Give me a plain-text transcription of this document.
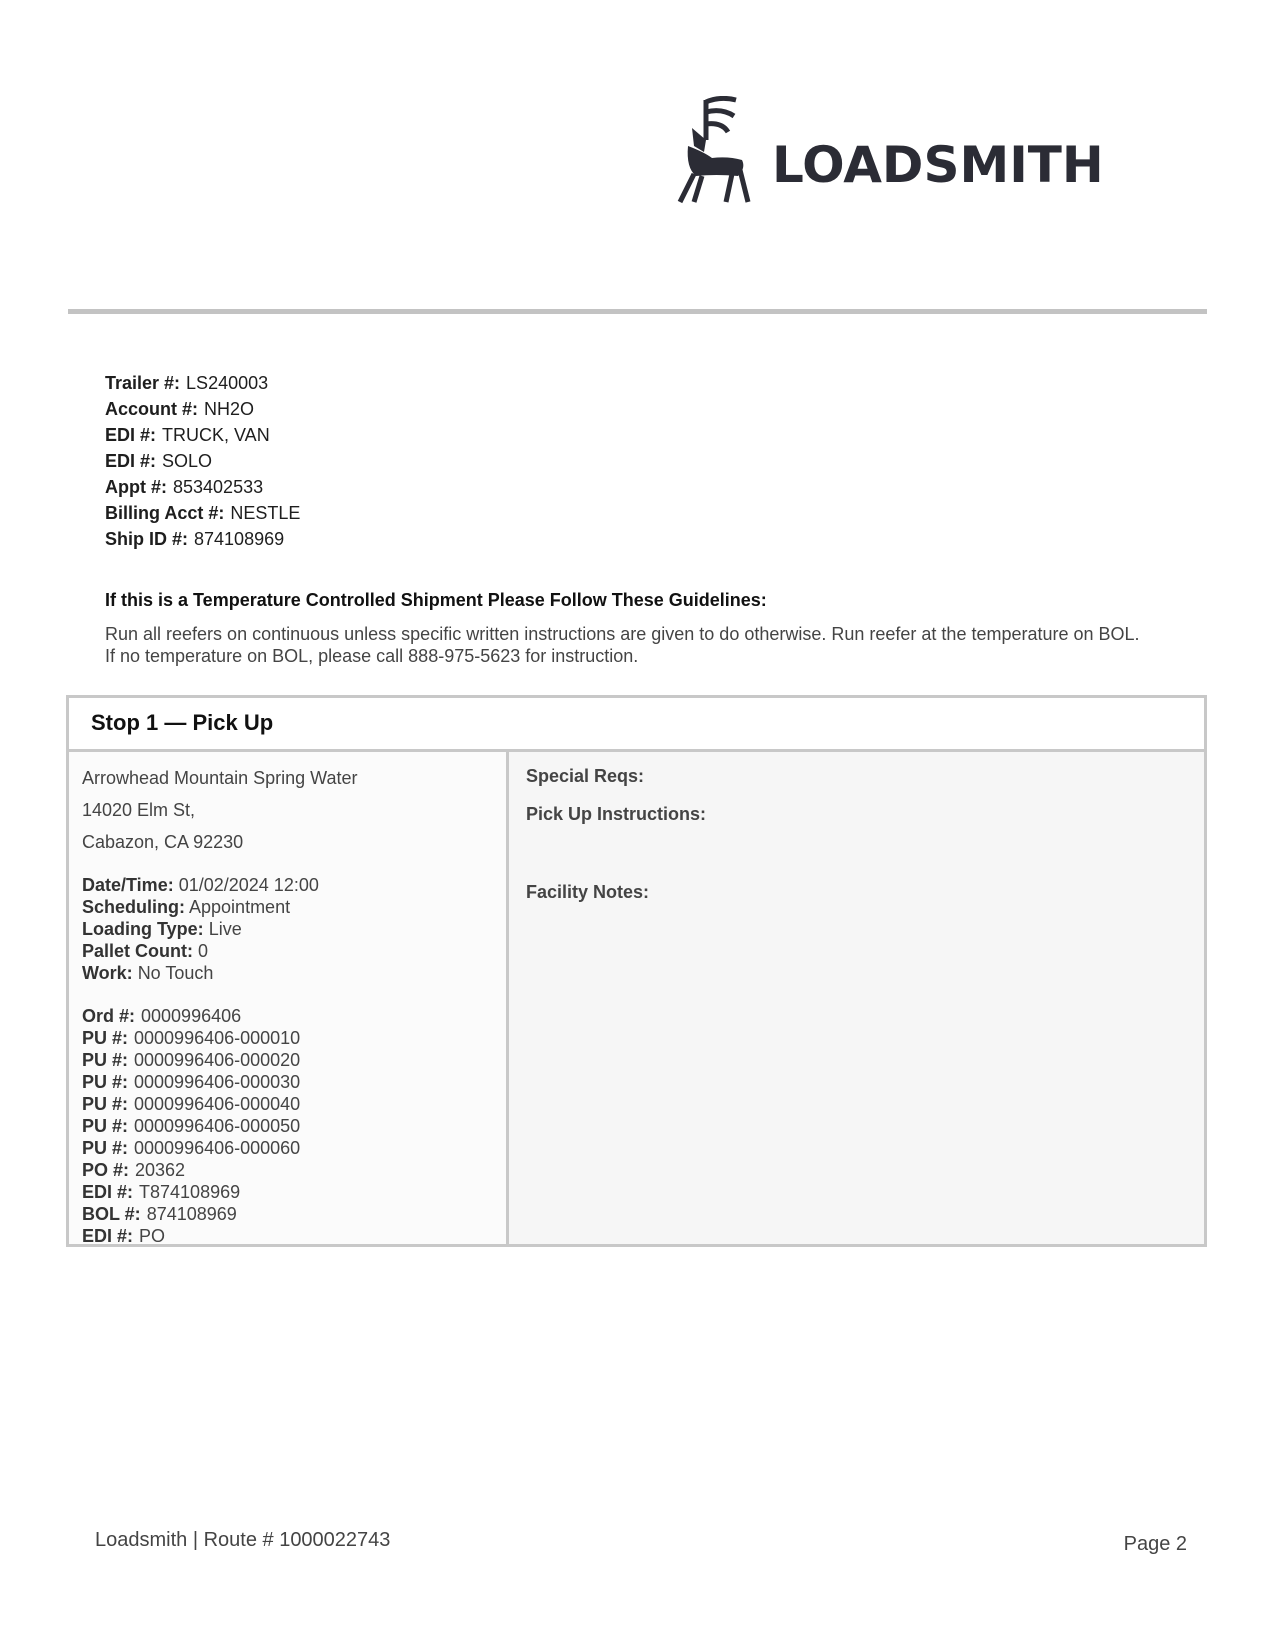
LOADSMITH
Trailer #: LS240003
Account #: NH2O
EDI #: TRUCK, VAN
EDI #: SOLO
Appt #: 853402533
Billing Acct #: NESTLE
Ship ID #: 874108969
If this is a Temperature Controlled Shipment Please Follow These Guidelines:
Run all reefers on continuous unless specific written instructions are given to do otherwise. Run reefer at the temperature on BOL.
If no temperature on BOL, please call 888-975-5623 for instruction.
Stop 1 — Pick Up
Arrowhead Mountain Spring Water
14020 Elm St,
Cabazon, CA 92230
Date/Time: 01/02/2024 12:00
Scheduling: Appointment
Loading Type: Live
Pallet Count: 0
Work: No Touch
Ord #: 0000996406
PU #: 0000996406-000010
PU #: 0000996406-000020
PU #: 0000996406-000030
PU #: 0000996406-000040
PU #: 0000996406-000050
PU #: 0000996406-000060
PO #: 20362
EDI #: T874108969
BOL #: 874108969
EDI #: PO
Special Reqs:
Pick Up Instructions:
Facility Notes:
Loadsmith | Route # 1000022743	Page 2
